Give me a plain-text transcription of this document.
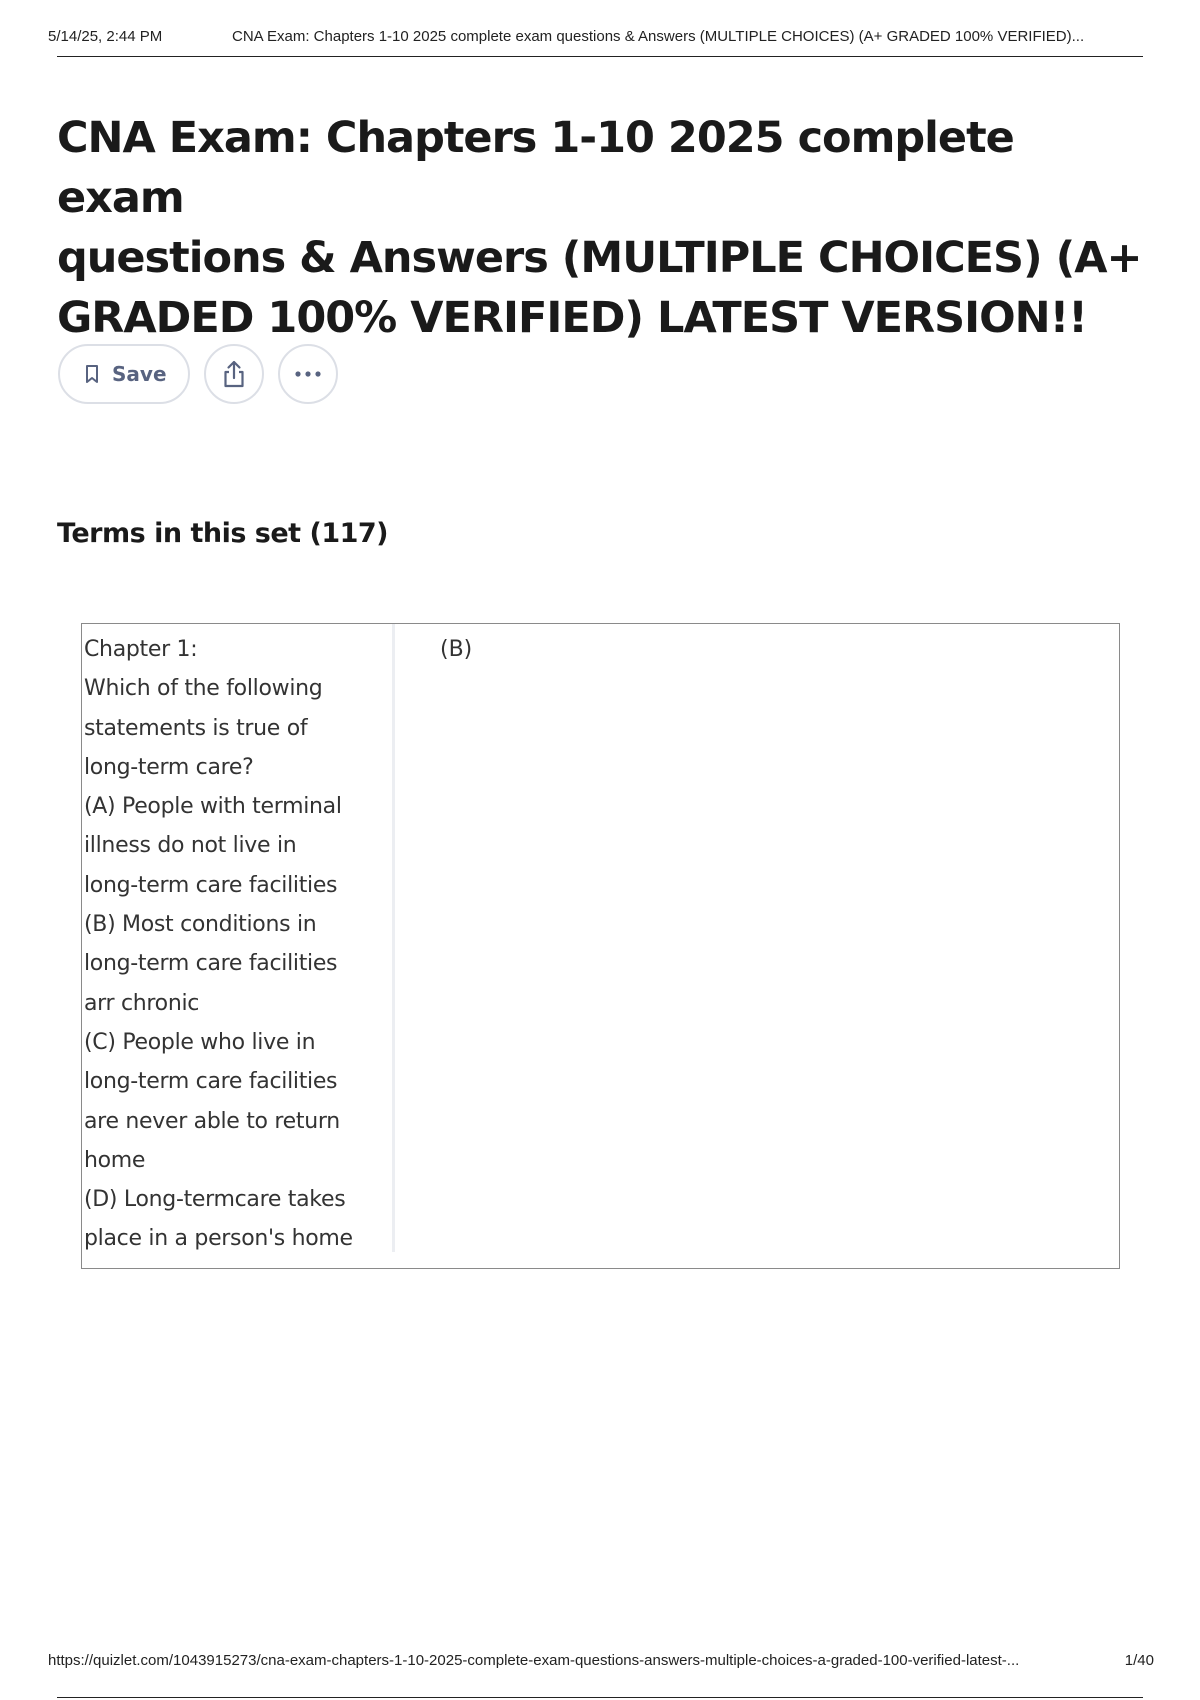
5/14/25, 2:44 PM	CNA Exam: Chapters 1-10 2025 complete exam questions & Answers (MULTIPLE CHOICES) (A+ GRADED 100% VERIFIED)...
CNA Exam: Chapters 1-10 2025 complete exam
questions & Answers (MULTIPLE CHOICES) (A+
GRADED 100% VERIFIED) LATEST VERSION!!
Save
Terms in this set (117)
Chapter 1:
Which of the following
statements is true of
long-term care?
(A) People with terminal
illness do not live in
long-term care facilities
(B) Most conditions in
long-term care facilities
arr chronic
(C) People who live in
long-term care facilities
are never able to return
home
(D) Long-termcare takes
place in a person's home
(B)
https://quizlet.com/1043915273/cna-exam-chapters-1-10-2025-complete-exam-questions-answers-multiple-choices-a-graded-100-verified-latest-...	1/40
